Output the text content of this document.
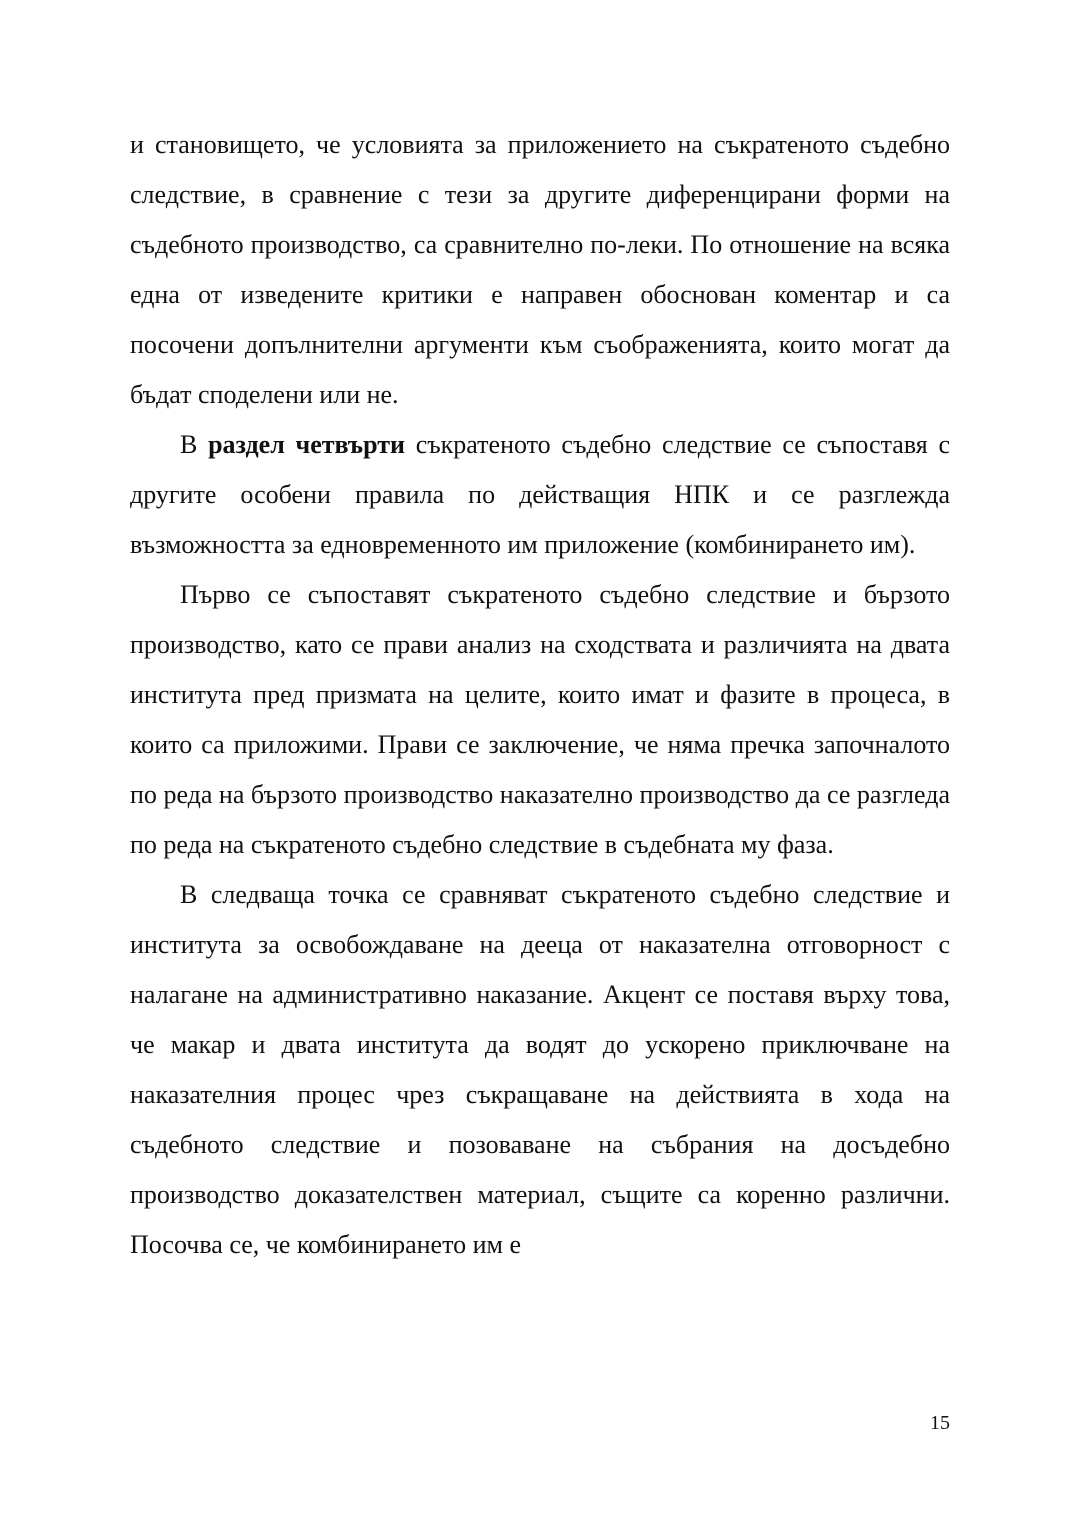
и становището, че условията за приложението на съкратеното съдебно следствие, в сравнение с тези за другите диференцирани форми на съдебното производство, са сравнително по-леки. По отношение на всяка една от изведените критики е направен обоснован коментар и са посочени допълнителни аргументи към съображенията, които могат да бъдат споделени или не.

В раздел четвърти съкратеното съдебно следствие се съпоставя с другите особени правила по действащия НПК и се разглежда възможността за едновременното им приложение (комбинирането им).

Първо се съпоставят съкратеното съдебно следствие и бързото производство, като се прави анализ на сходствата и различията на двата института пред призмата на целите, които имат и фазите в процеса, в които са приложими. Прави се заключение, че няма пречка започналото по реда на бързото производство наказателно производство да се разгледа по реда на съкратеното съдебно следствие в съдебната му фаза.

В следваща точка се сравняват съкратеното съдебно следствие и института за освобождаване на дееца от наказателна отговорност с налагане на административно наказание. Акцент се поставя върху това, че макар и двата института да водят до ускорено приключване на наказателния процес чрез съкращаване на действията в хода на съдебното следствие и позоваване на събрания на досъдебно производство доказателствен материал, същите са коренно различни. Посочва се, че комбинирането им е

15
